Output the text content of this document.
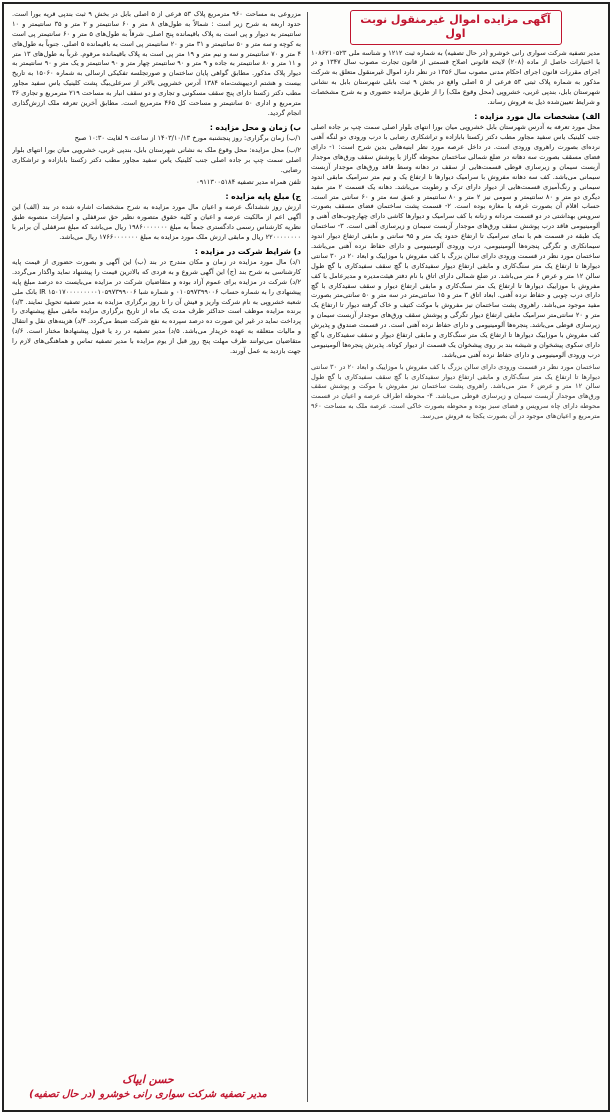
آگهی مزایده اموال غیرمنقول نوبت اول

مدیر تصفیه شرکت سواری رانی خوشرو (در حال تصفیه) به شماره ثبت ۱۲۱۲ و شناسه ملی ۱۰۸۶۲۱۰۵۲۳ با اختیارات حاصل از ماده (۲۰۸) لایحه قانونی اصلاح قسمتی از قانون تجارت مصوب سال ۱۳۴۷ و در اجرای مقررات قانون اجرای احکام مدنی مصوب سال ۱۳۵۶ در نظر دارد اموال غیرمنقول متعلق به شرکت مذکور به شماره پلاک ثبتی ۵۳ فرعی از ۵ اصلی واقع در بخش ۹ ثبت بابلی شهرستان بابل به نشانی شهرستان بابل، بندپی غربی، خشروپی (محل وقوع ملک) را از طریق مزایده حضوری و به شرح مشخصات و شرایط تعیین‌شده ذیل به فروش رساند.

الف) مشخصات مال مورد مزایده :

محل مورد تعرفه به آدرس شهرستان بابل خشروپی میان بورا انتهای بلوار اصلی سمت چپ بر جاده اصلی جنب کلینیک یاس سفید مجاور مطب دکتر زکستا بابازاده و تراشکاری رضایی با درب ورودی دو لنگه آهنی نرده‌ای بصورت راهروی ورودی است. در داخل عرصه مورد نظر ابنیه‌هایی بدین شرح است: ۱- دارای فضای مسقف بصورت سه دهانه در ضلع شمالی ساختمان محوطه گاراژ با پوشش سقف ورق‌های موجدار آزبست سیمان و زیرسازی قوطی قسمت‌هایی از سقف در دهانه وسط فاقد ورق‌های موجدار آزبست سیمانی می‌باشد. کف سه دهانه مفروش با سرامیک دیوارها تا ارتفاع یک و نیم متر سرامیک مابقی اندود سیمانی و رنگ‌آمیزی قسمت‌هایی از دیوار دارای ترک و رطوبت می‌باشد. دهانه یک قسمت ۲ متر مفید دیگری دو متر و ۸۰ سانتیمتر و سومی نیز ۲ متر و ۸۰ سانتیمتر و عمق سه متر و ۶۰ سانتی متر است. حساب اقلام آن بصورت غرفه یا مغازه بوده است. ۲- قسمت پشت ساختمان فضای مسقف بصورت سرویس بهداشتی در دو قسمت مردانه و زنانه با کف سرامیک و دیوارها کاشی دارای چهارچوب‌های آهنی و آلومینیومی فاقد درب پوشش سقف ورق‌های موجدار آزبست سیمان و زیرسازی آهنی است. ۳- ساختمان یک طبقه در قسمت هم با نمای سرامیک تا ارتفاع حدود یک متر و ۹۵ سانتی و مابقی ارتفاع دیوار اندود سیمانکاری و تگرگی پنجره‌ها آلومینیومی، درب ورودی آلومینیومی و دارای حفاظ نرده آهنی می‌باشد. ساختمان مورد نظر در قسمت ورودی دارای سالن بزرگ با کف مفروش با موزاییک و ابعاد ۲۰ در ۳۰ سانتی دیوارها تا ارتفاع یک متر سنگ‌کاری و مابقی ارتفاع دیوار سفیدکاری با گچ سقف سفیدکاری با گچ طول سالن ۱۲ متر و عرض ۶ متر می‌باشد. در ضلع شمالی دارای اتاق با نام دفتر هیئت‌مدیره و مدیرعامل با کف مفروش با موزاییک دیوارها تا ارتفاع یک متر سنگ‌کاری و مابقی ارتفاع دیوار و سقف سفیدکاری با گچ دارای درب چوبی و حفاظ نرده آهنی. ابعاد اتاق ۳ متر و ۱۵ سانتی‌متر در سه متر و ۵۰ سانتی‌متر بصورت مفید موجود می‌باشد. راهروی پشت ساختمان نیز مفروش با موکت کتیف و خاک گرفته دیوار تا ارتفاع یک متر و ۲۰ سانتی‌متر سرامیک مابقی ارتفاع دیوار تگرگی و پوشش سقف ورق‌های موجدار آزبست سیمان و زیرسازی قوطی می‌باشد. پنجره‌ها آلومینیومی و دارای حفاظ نرده آهنی است. در قسمت صندوق و پذیرش کف مفروش با موزاییک دیوارها تا ارتفاع یک متر سنگ‌کاری و مابقی ارتفاع دیوار و سقف سفیدکاری با گچ دارای سکوی پیشخوان و شیشه بند بر روی پیشخوان یک قسمت از دیوار کوتاه. پذیرش پنجره‌ها آلومینیومی درب ورودی آلومینیومی و دارای حفاظ نرده آهنی می‌باشد.

ساختمان مورد نظر در قسمت ورودی دارای سالن بزرگ با کف مفروش با موزاییک و ابعاد ۲۰ در ۳۰ سانتی دیوارها تا ارتفاع یک متر سنگ‌کاری و مابقی ارتفاع دیوار سفیدکاری با گچ سقف سفیدکاری با گچ طول سالن ۱۲ متر و عرض ۶ متر می‌باشد. راهروی پشت ساختمان نیز مفروش با موکت و پوشش سقف ورق‌های موجدار آزبست سیمان و زیرسازی قوطی می‌باشد. ۴- محوطه اطراف عرصه و اعیان در قسمت محوطه دارای چاه سرویس و فضای سبز بوده و محوطه بصورت خاکی است. عرصه ملک به مساحت ۹۶۰ مترمربع و اعیان‌های موجود در آن بصورت یکجا به فروش می‌رسد.

مزروعی به مساحت ۹۶۰ مترمربع پلاک ۵۳ فرعی از ۵ اصلی بابل در بخش ۹ ثبت بندپی قریه بورا است. حدود اربعه به شرح زیر است : شمالاً به طول‌های ۸ متر و ۶۰ سانتیمتر و ۲ متر و ۳۵ سانتیمتر و ۱۰ سانتیمتر به دیوار و پی است به پلاک باقیمانده پنج اصلی. شرقاً به طول‌های ۵ متر و ۶۰ سانتیمتر پی است به کوچه و سه متر و ۵۰ سانتیمتر و ۳۱ متر و ۲۰ سانتیمتر پی است به باقیمانده ۵ اصلی. جنوباً به طول‌های ۴ متر و ۷۰ سانتیمتر و سه و نیم متر و ۱۹ متر پی است به پلاک باقیمانده مرقوم. غرباً به طول‌های ۱۳ متر و ۱۱ متر و ۸۰ سانتیمتر به جاده و ۹ متر و ۹۰ سانتیمتر چهار متر و ۹۰ سانتیمتر و یک متر و ۹۰ سانتیمتر به دیوار پلاک مذکور. مطابق گواهی پایان ساختمان و صورتجلسه تفکیکی ارسالی به شماره ۱۵۰۶۰ به تاریخ بیست و هشتم اردیبهشت‌ماه ۱۳۸۴ آدرس خشروپی بالاتر از سرعلی‌بیگ پشت کلینیک یاس سفید مجاور مطب دکتر زکستا دارای پنج سقف مسکونی و تجاری و دو سقف انبار به مساحت ۲۱۹ مترمربع و تجاری ۳۶ مترمربع و اداری ۵۰ سانتیمتر و مساحت کل ۴۶۵ مترمربع است. مطابق آخرین تعرفه ملک ارزش‌گذاری انجام گردید.

ب) زمان و محل مزایده :

۱/ب) زمان برگزاری: روز پنجشنبه مورخ ۱۴۰۳/۱۰/۱۳ از ساعت ۹ لغایت ۱۰:۳۰ صبح

۲/ب) محل مزایده: محل وقوع ملک به نشانی شهرستان بابل، بندپی غربی، خشروپی میان بورا انتهای بلوار اصلی سمت چپ بر جاده اصلی جنب کلینیک یاس سفید مجاور مطب دکتر زکستا بابازاده و تراشکاری رضایی.

تلفن همراه مدیر تصفیه ۰۹۱۱۳۰۰۵۱۸۴

ج) مبلغ پایه مزایده :

ارزش روز ششدانگ عرصه و اعیان مال مورد مزایده به شرح مشخصات اشاره شده در بند (الف) این آگهی اعم از مالکیت عرصه و اعیان و کلیه حقوق متصوره نظیر حق سرقفلی و امتیازات منصوبه طبق نظریه کارشناس رسمی دادگستری جمعاً به مبلغ ۱۹۸۶۰۰۰۰۰۰۰ ریال می‌باشد که مبلغ سرقفلی آن برابر با ۲۲۰۰۰۰۰۰۰۰ ریال و مابقی ارزش ملک مورد مزایده به مبلغ ۱۷۶۶۰۰۰۰۰۰۰ ریال می‌باشد.

د) شرایط شرکت در مزایده :

۱/د) مال مورد مزایده در زمان و مکان مندرج در بند (ب) این آگهی و بصورت حضوری از قیمت پایه کارشناسی به شرح بند (ج) این آگهی شروع و به فردی که بالاترین قیمت را پیشنهاد نماید واگذار می‌گردد. ۲/د) شرکت در مزایده برای عموم آزاد بوده و متقاضیان شرکت در مزایده می‌بایست ده درصد مبلغ پایه پیشنهادی را به شماره حساب ۰۱۰۵۹۷۳۹۹۰۰۶ و شماره شبا IR ۱۵۰۱۷۰۰۰۰۰۰۰۰۰۱۰۵۹۷۳۹۹۰۰۶ بانک ملی شعبه خشروپی به نام شرکت واریز و فیش آن را تا روز برگزاری مزایده به مدیر تصفیه تحویل نمایند. ۳/د) برنده مزایده موظف است حداکثر ظرف مدت یک ماه از تاریخ برگزاری مزایده مابقی مبلغ پیشنهادی را پرداخت نماید در غیر این صورت ده درصد سپرده به نفع شرکت ضبط می‌گردد. ۴/د) هزینه‌های نقل و انتقال و مالیات متعلقه به عهده خریدار می‌باشد. ۵/د) مدیر تصفیه در رد یا قبول پیشنهادها مختار است. ۶/د) متقاضیان می‌توانند ظرف مهلت پنج روز قبل از یوم مزایده با مدیر تصفیه تماس و هماهنگی‌های لازم را جهت بازدید به عمل آورند.

حسن ایپاک
مدیر تصفیه شرکت سواری رانی خوشرو (در حال تصفیه)
